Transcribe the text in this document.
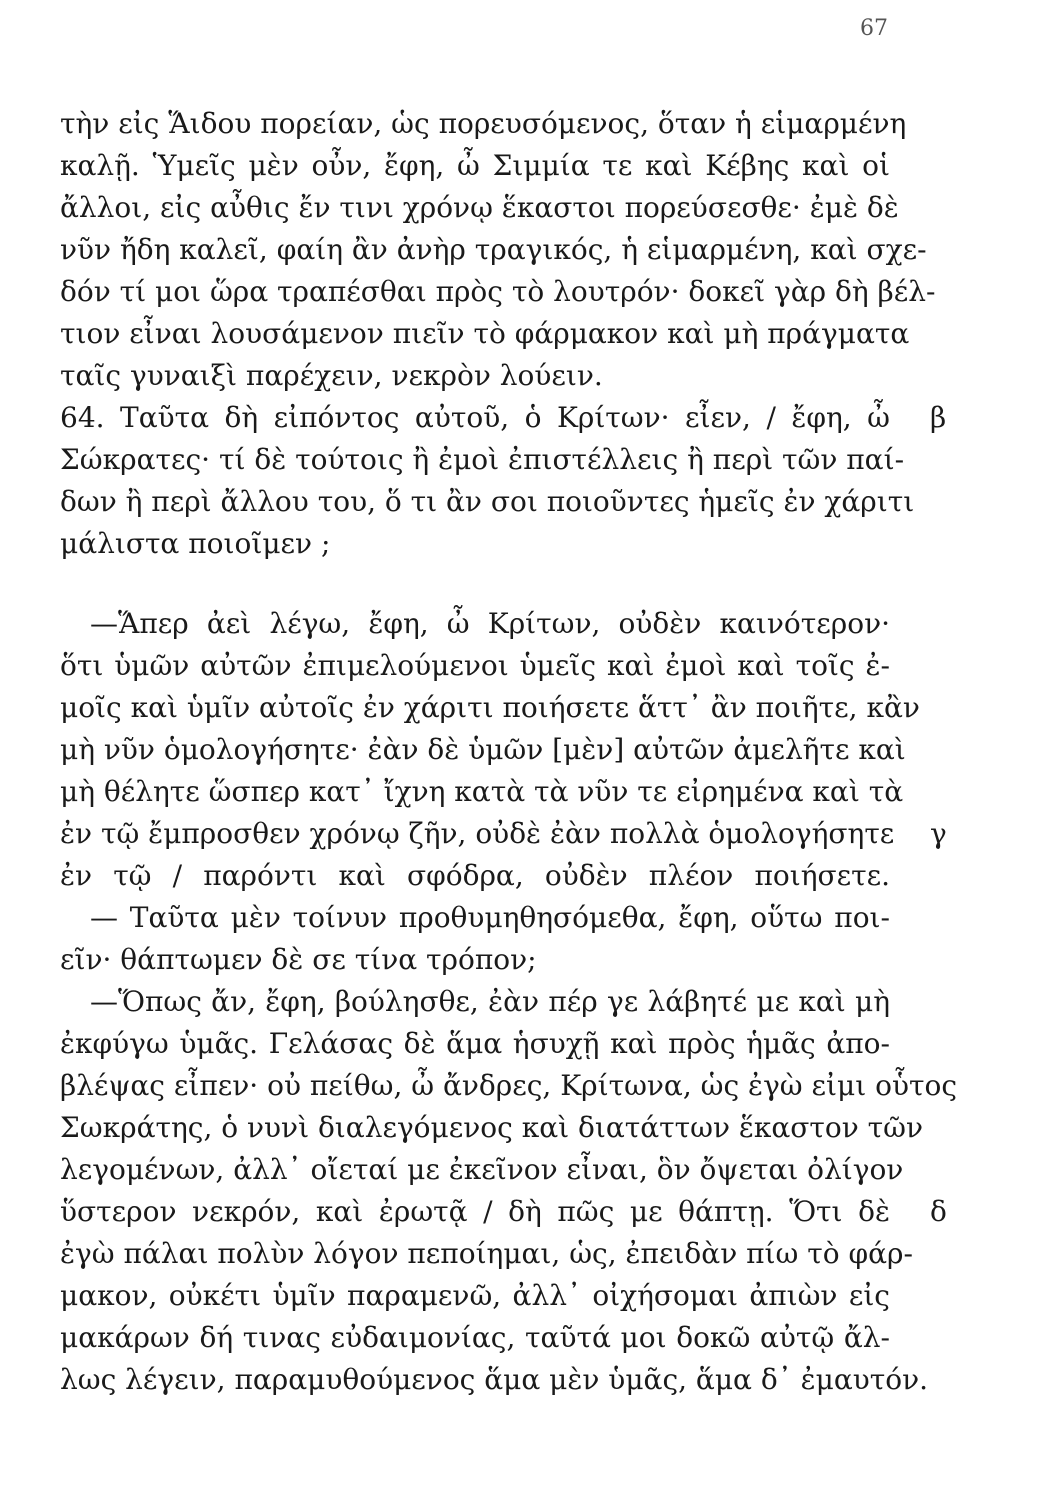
67
τὴν εἰς Ἅιδου πορείαν, ὡς πορευσόμενος, ὅταν ἡ εἱμαρμένη
καλῇ. Ὑμεῖς μὲν οὖν, ἔφη, ὦ Σιμμία τε καὶ Κέβης καὶ οἱ
ἄλλοι, εἰς αὖθις ἔν τινι χρόνῳ ἕκαστοι πορεύσεσθε· ἐμὲ δὲ
νῦν ἤδη καλεῖ, φαίη ἂν ἀνὴρ τραγικός, ἡ εἱμαρμένη, καὶ σχε-
δόν τί μοι ὥρα τραπέσθαι πρὸς τὸ λουτρόν· δοκεῖ γὰρ δὴ βέλ-
τιον εἶναι λουσάμενον πιεῖν τὸ φάρμακον καὶ μὴ πράγματα
ταῖς γυναιξὶ παρέχειν, νεκρὸν λούειν.
64. Ταῦτα δὴ εἰπόντος αὐτοῦ, ὁ Κρίτων· εἶεν, / ἔφη, ὦ
Σώκρατες· τί δὲ τούτοις ἢ ἐμοὶ ἐπιστέλλεις ἢ περὶ τῶν παί-
δων ἢ περὶ ἄλλου του, ὅ τι ἂν σοι ποιοῦντες ἡμεῖς ἐν χάριτι
μάλιστα ποιοῖμεν ;
—Ἅπερ ἀεὶ λέγω, ἔφη, ὦ Κρίτων, οὐδὲν καινότερον·
ὅτι ὑμῶν αὐτῶν ἐπιμελούμενοι ὑμεῖς καὶ ἐμοὶ καὶ τοῖς ἐ-
μοῖς καὶ ὑμῖν αὐτοῖς ἐν χάριτι ποιήσετε ἅττ᾽ ἂν ποιῆτε, κἂν
μὴ νῦν ὁμολογήσητε· ἐὰν δὲ ὑμῶν [μὲν] αὐτῶν ἀμελῆτε καὶ
μὴ θέλητε ὥσπερ κατ᾽ ἴχνη κατὰ τὰ νῦν τε εἰρημένα καὶ τὰ
ἐν τῷ ἔμπροσθεν χρόνῳ ζῆν, οὐδὲ ἐὰν πολλὰ ὁμολογήσητε
ἐν τῷ / παρόντι καὶ σφόδρα, οὐδὲν πλέον ποιήσετε.
— Ταῦτα μὲν τοίνυν προθυμηθησόμεθα, ἔφη, οὕτω ποι-
εῖν· θάπτωμεν δὲ σε τίνα τρόπον;
—Ὅπως ἄν, ἔφη, βούλησθε, ἐὰν πέρ γε λάβητέ με καὶ μὴ
ἐκφύγω ὑμᾶς. Γελάσας δὲ ἅμα ἡσυχῇ καὶ πρὸς ἡμᾶς ἀπο-
βλέψας εἶπεν· οὐ πείθω, ὦ ἄνδρες, Κρίτωνα, ὡς ἐγὼ εἰμι οὗτος
Σωκράτης, ὁ νυνὶ διαλεγόμενος καὶ διατάττων ἕκαστον τῶν
λεγομένων, ἀλλ᾽ οἴεταί με ἐκεῖνον εἶναι, ὃν ὄψεται ὀλίγον
ὕστερον νεκρόν, καὶ ἐρωτᾷ / δὴ πῶς με θάπτῃ. Ὅτι δὲ
ἐγὼ πάλαι πολὺν λόγον πεποίημαι, ὡς, ἐπειδὰν πίω τὸ φάρ-
μακον, οὐκέτι ὑμῖν παραμενῶ, ἀλλ᾽ οἰχήσομαι ἀπιὼν εἰς
μακάρων δή τινας εὐδαιμονίας, ταῦτά μοι δοκῶ αὐτῷ ἄλ-
λως λέγειν, παραμυθούμενος ἅμα μὲν ὑμᾶς, ἅμα δ᾽ ἐμαυτόν.
β
γ
δ
